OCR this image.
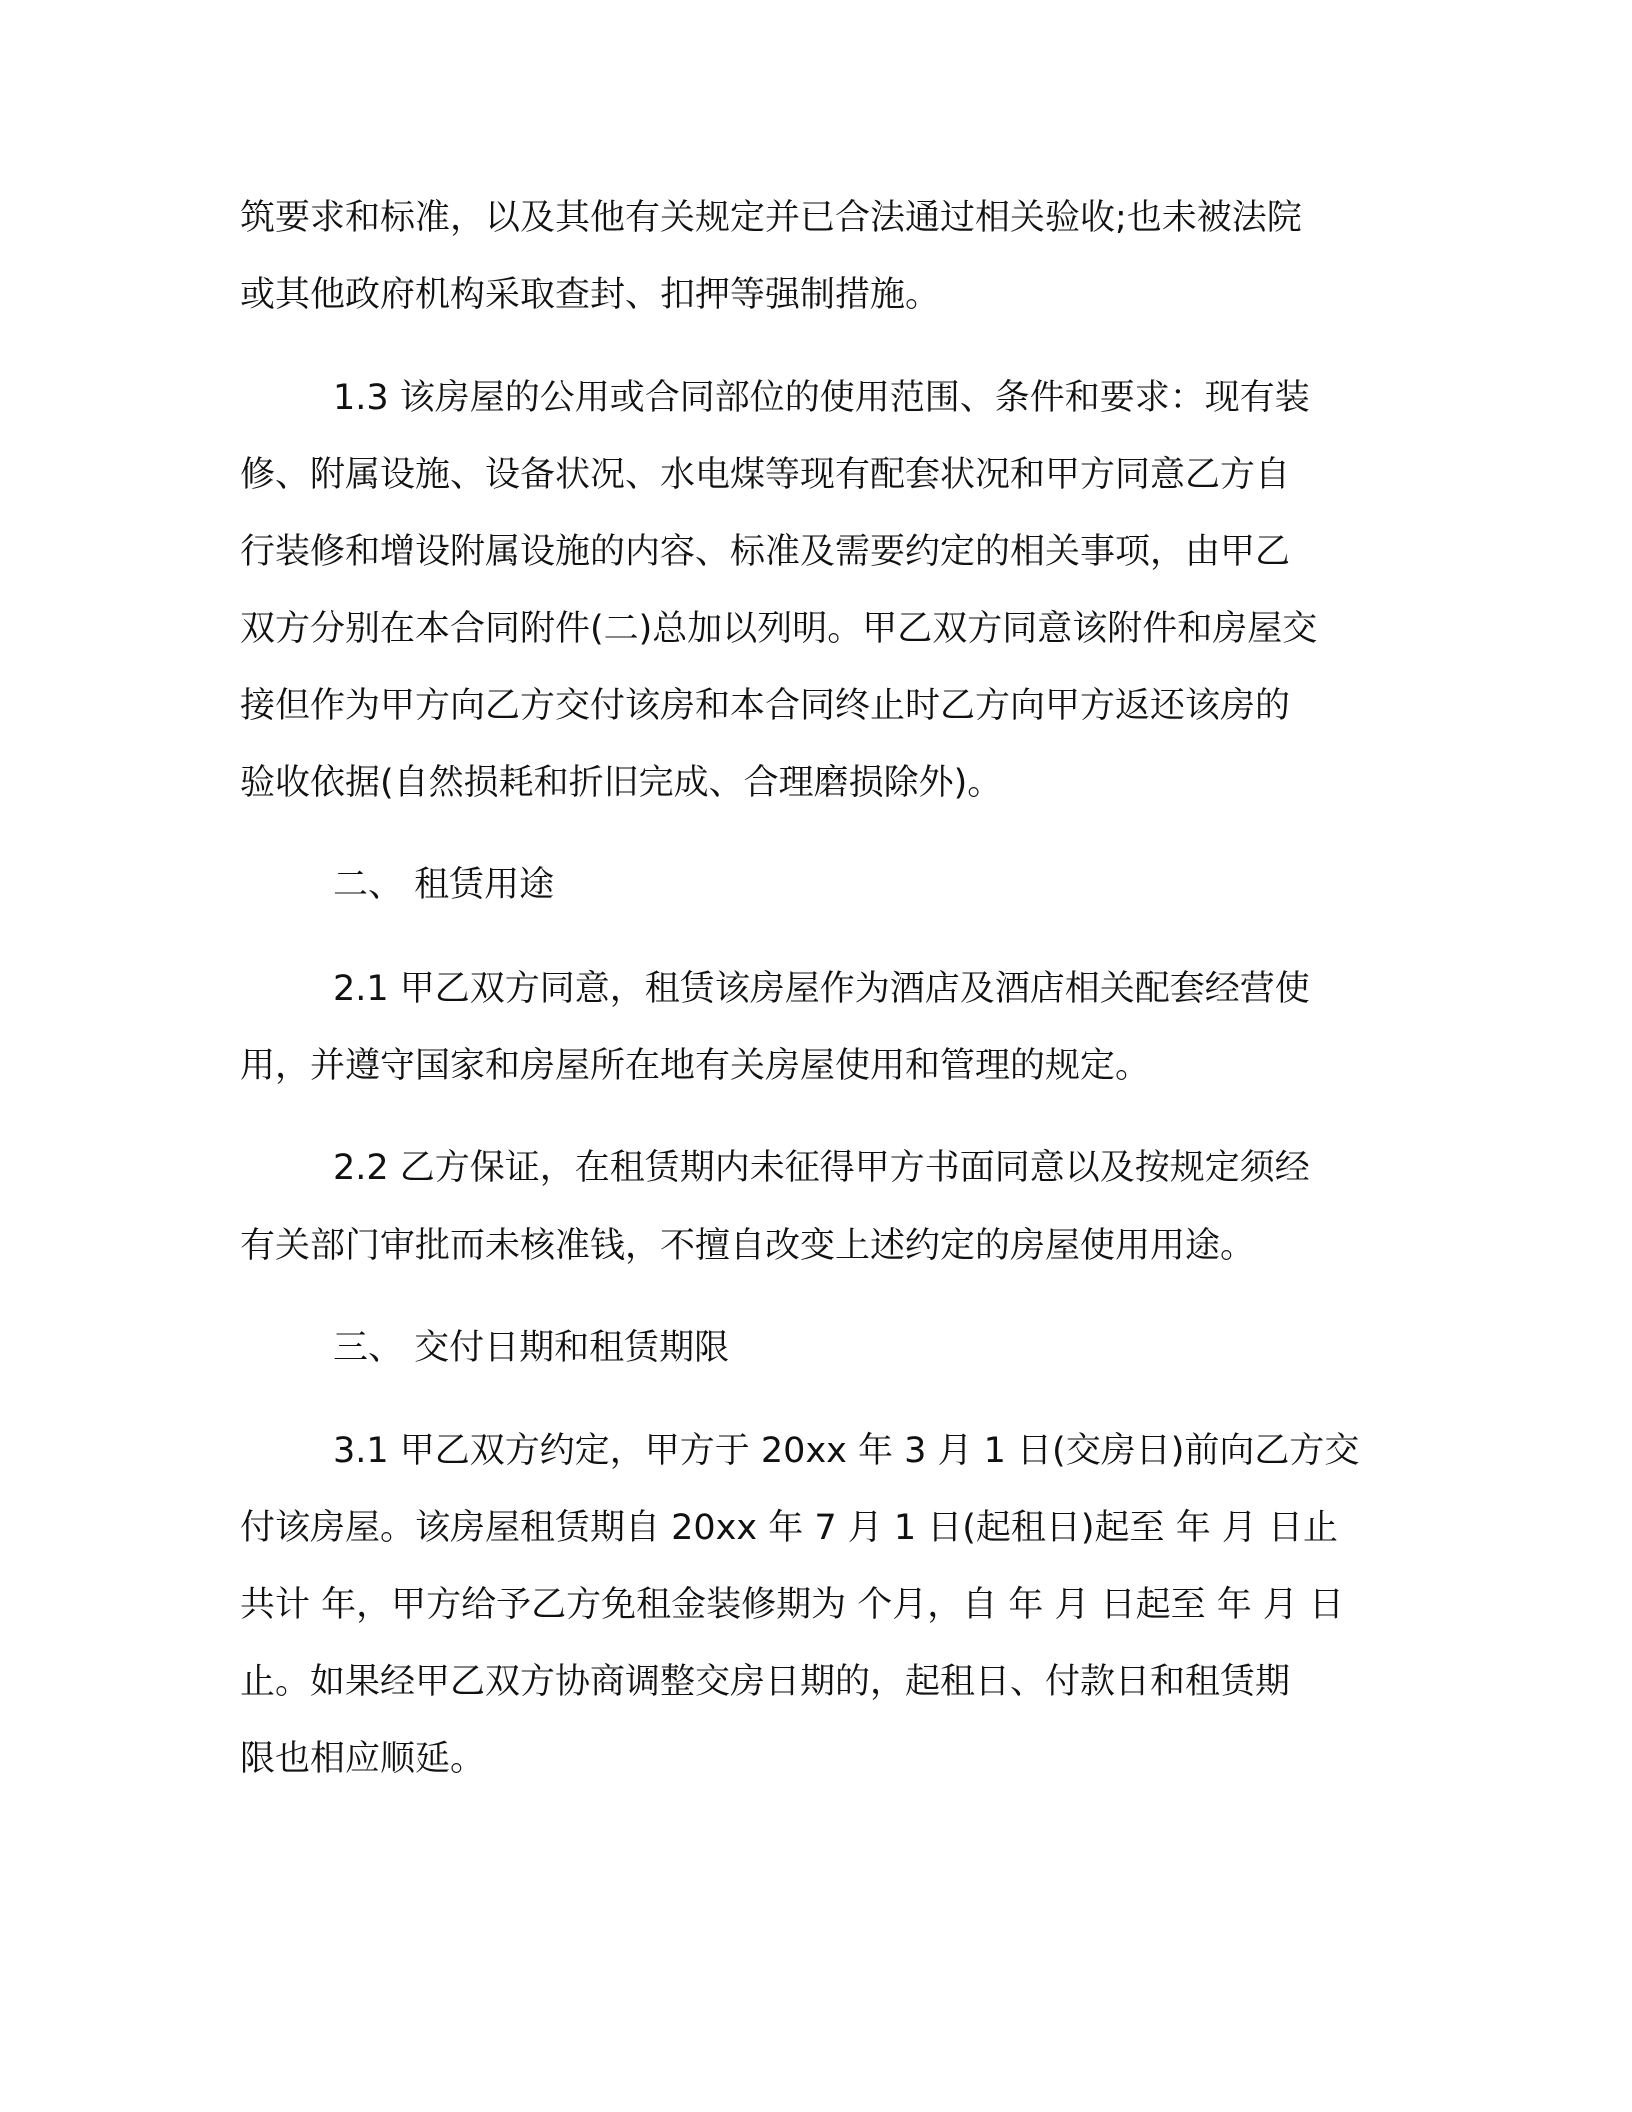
筑要求和标准，以及其他有关规定并已合法通过相关验收;也未被法院
或其他政府机构采取查封、扣押等强制措施。
1.3 该房屋的公用或合同部位的使用范围、条件和要求：现有装
修、附属设施、设备状况、水电煤等现有配套状况和甲方同意乙方自
行装修和增设附属设施的内容、标准及需要约定的相关事项，由甲乙
双方分别在本合同附件(二)总加以列明。甲乙双方同意该附件和房屋交
接但作为甲方向乙方交付该房和本合同终止时乙方向甲方返还该房的
验收依据(自然损耗和折旧完成、合理磨损除外)。
二、 租赁用途
2.1 甲乙双方同意，租赁该房屋作为酒店及酒店相关配套经营使
用，并遵守国家和房屋所在地有关房屋使用和管理的规定。
2.2 乙方保证，在租赁期内未征得甲方书面同意以及按规定须经
有关部门审批而未核准钱，不擅自改变上述约定的房屋使用用途。
三、 交付日期和租赁期限
3.1 甲乙双方约定，甲方于 20xx 年 3 月 1 日(交房日)前向乙方交
付该房屋。该房屋租赁期自 20xx 年 7 月 1 日(起租日)起至 年 月 日止
共计 年，甲方给予乙方免租金装修期为 个月，自 年 月 日起至 年 月 日
止。如果经甲乙双方协商调整交房日期的，起租日、付款日和租赁期
限也相应顺延。
